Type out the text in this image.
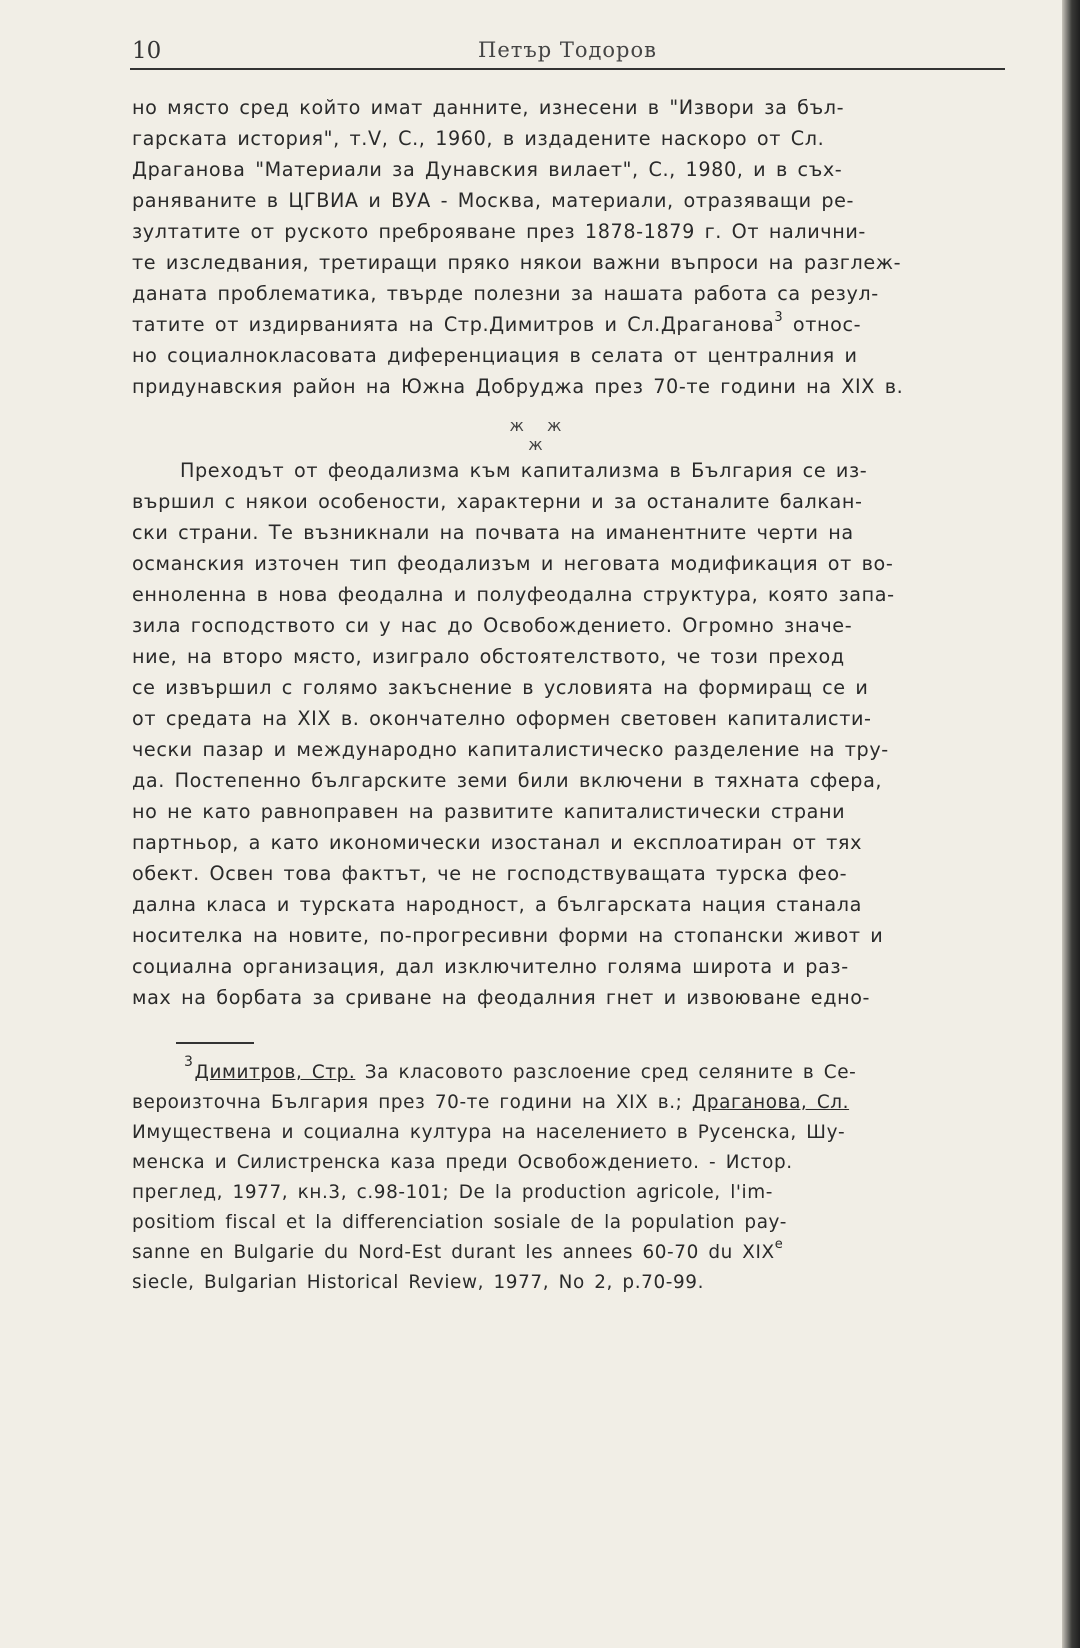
10	Петър Тодоров
но място сред който имат данните, изнесени в "Извори за бъл-
гарската история", т.V, С., 1960, в издадените наскоро от Сл.
Драганова "Материали за Дунавския вилает", С., 1980, и в съх-
раняваните в ЦГВИА и ВУА - Москва, материали, отразяващи ре-
зултатите от руското преброяване през 1878-1879 г. От налични-
те изследвания, третиращи пряко някои важни въпроси на разглеж-
даната проблематика, твърде полезни за нашата работа са резул-
татите от издирванията на Стр.Димитров и Сл.Драганова$^3$ относ-
но социалнокласовата диференциация в селата от централния и
придунавския район на Южна Добруджа през 70-те години на XIX в.
ж ж ж
Преходът от феодализма към капитализма в България се из-
вършил с някои особености, характерни и за останалите балкан-
ски страни. Те възникнали на почвата на иманентните черти на
османския източен тип феодализъм и неговата модификация от во-
енноленна в нова феодална и полуфеодална структура, която запа-
зила господството си у нас до Освобождението. Огромно значе-
ние, на второ място, изиграло обстоятелството, че този преход
се извършил с голямо закъснение в условията на формиращ се и
от средата на XIX в. окончателно оформен световен капиталисти-
чески пазар и международно капиталистическо разделение на тру-
да. Постепенно българските земи били включени в тяхната сфера,
но не като равноправен на развитите капиталистически страни
партньор, а като икономически изостанал и експлоатиран от тях
обект. Освен това фактът, че не господствуващата турска фео-
дална класа и турската народност, а българската нация станала
носителка на новите, по-прогресивни форми на стопански живот и
социална организация, дал изключително голяма широта и раз-
мах на борбата за сриване на феодалния гнет и извоюване едно-
$^3$Димитров, Стр. За класовото разслоение сред селяните в Се-
вероизточна България през 70-те години на XIX в.; Драганова, Сл.
Имуществена и социална култура на населението в Русенска, Шу-
менска и Силистренска каза преди Освобождението. - Истор.
преглед, 1977, кн.3, с.98-101; De la production agricole, l'im-
positiom fiscal et la differenciation sosiale de la population pay-
sanne en Bulgarie du Nord-Est durant les annees 60-70 du XIXe
siecle, Bulgarian Historical Review, 1977, No 2, p.70-99.
